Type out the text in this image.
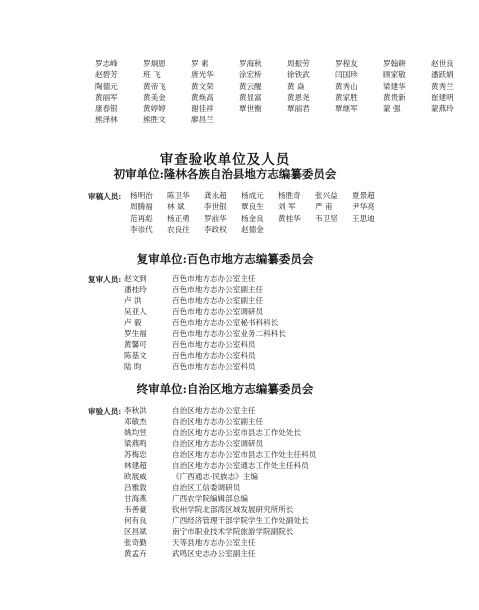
罗志峰	罗炯恩	罗 素	罗海秋	周振劳	罗程友	罗翰耕	赵世良
赵碧芳	班 飞	唐光华	涂宏桥	徐铁武	闫国珍	顾家敬	潘跃娟
陶德元	黄帝飞	黄文荣	黄云醒	黄 焱	黄秀山	梁建华	黄秀兰
黄丽军	黄美金	黄焕高	黄显富	黄恩尧	黄家胜	黄贵新	崔建明
康春银	黄婷婷	谢佳祥	覃世衡	覃丽君	覃继军	蒙 强	蒙燕玲
熊泽林	熊胜文	廖昌兰
审查验收单位及人员
初审单位:隆林各族自治县地方志编纂委员会
审稿人员: 杨明治	陈卫华	龚永超	杨成元	杨胜奇	张兴益	夏景超
周腾福	林 斌	李世银	覃良生	刘 军	严 甫	尹华亮
范再彪	杨正勇	罗前华	杨金良	黄桂华	韦卫坚	王思迪
李崇代	农良往	李政权	赵德金
复审单位:百色市地方志编纂委员会
复审人员: 赵文到	百色市地方志办公室主任
潘桂玲	百色市地方志办公室副主任
卢 洪	百色市地方志办公室副主任
吴亚人	百色市地方志办公室调研员
卢 毅	百色市地方志办公室秘书科科长
罗生福	百色市地方志办公室业务二科科长
黄馨可	百色市地方志办公室科员
陈基文	百色市地方志办公室科员
陆 昀	百色市地方志办公室科员
终审单位:自治区地方志编纂委员会
审验人员: 李秋洪	自治区地方志办公室主任
邓敏杰	自治区地方志办公室副主任
姚均昱	自治区地方志办公室市县志工作处处长
梁燕鸣	自治区地方志办公室调研员
苏梅忠	自治区地方志办公室市县志工作处主任科员
林建超	自治区地方志办公室通志工作处主任科员
欧展威	《广西通志·民族志》主编
吕雅敦	自治区工信委调研员
甘海燕	广西农学院编辑部总编
韦善豪	钦州学院北部湾区域发展研究所所长
何有良	广西经济管理干部学院学生工作处副处长
区昌斌	南宁市职业技术学院旅游学院副院长
张奇勤	天等县地方志办公室主任
黄孟卉	武鸣区史志办公室副主任
